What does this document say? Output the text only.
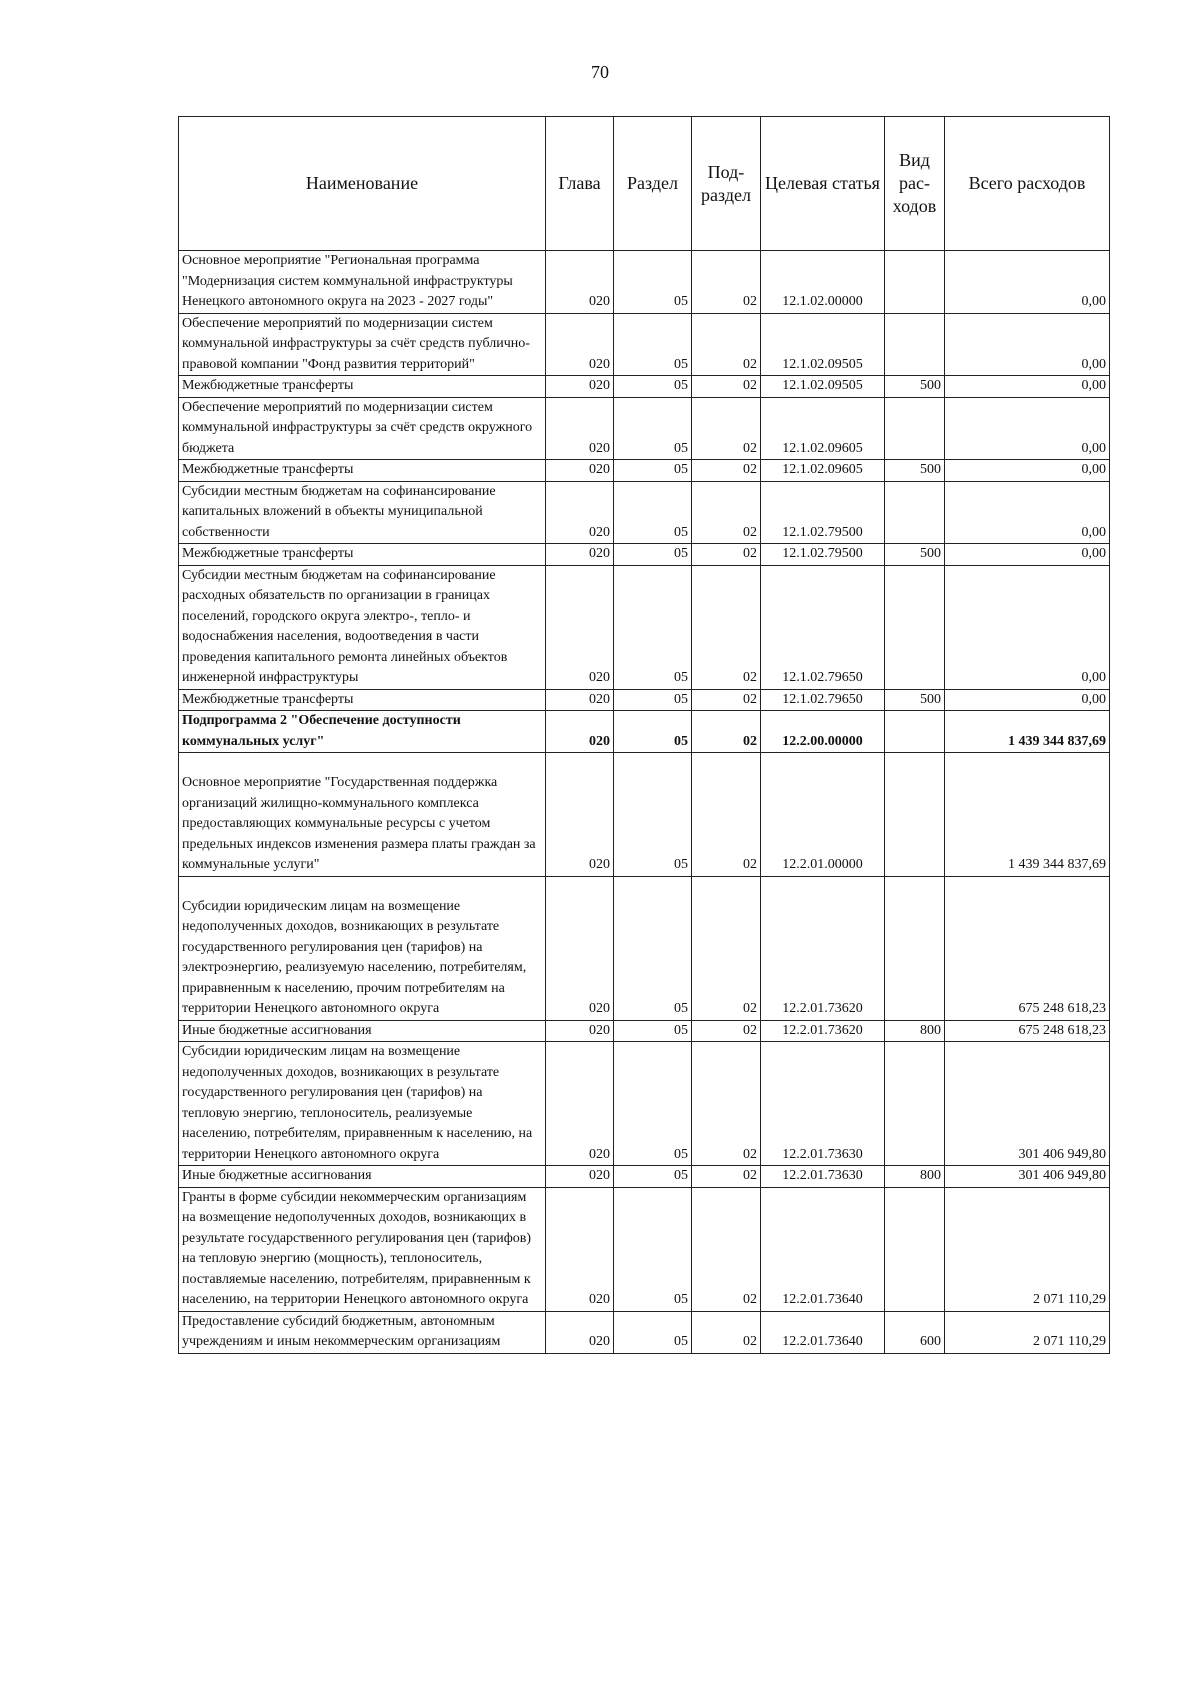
70
Наименование	Глава	Раздел	Под-раздел	Целевая статья	Вид рас-ходов	Всего расходов
Основное мероприятие "Региональная программа "Модернизация систем коммунальной инфраструктуры Ненецкого автономного округа на 2023 - 2027 годы"	020	05	02	12.1.02.00000		0,00
Обеспечение мероприятий по модернизации систем коммунальной инфраструктуры за счёт средств публично-правовой компании "Фонд развития территорий"	020	05	02	12.1.02.09505		0,00
Межбюджетные трансферты	020	05	02	12.1.02.09505	500	0,00
Обеспечение мероприятий по модернизации систем коммунальной инфраструктуры за счёт средств окружного бюджета	020	05	02	12.1.02.09605		0,00
Межбюджетные трансферты	020	05	02	12.1.02.09605	500	0,00
Субсидии местным бюджетам на софинансирование капитальных вложений в объекты муниципальной собственности	020	05	02	12.1.02.79500		0,00
Межбюджетные трансферты	020	05	02	12.1.02.79500	500	0,00
Субсидии местным бюджетам на софинансирование расходных обязательств по организации в границах поселений, городского округа электро-, тепло- и водоснабжения населения, водоотведения в части проведения капитального ремонта линейных объектов инженерной инфраструктуры	020	05	02	12.1.02.79650		0,00
Межбюджетные трансферты	020	05	02	12.1.02.79650	500	0,00
Подпрограмма 2 "Обеспечение доступности коммунальных услуг"	020	05	02	12.2.00.00000		1 439 344 837,69
Основное мероприятие "Государственная поддержка организаций жилищно-коммунального комплекса предоставляющих коммунальные ресурсы с учетом предельных индексов изменения размера платы граждан за коммунальные услуги"	020	05	02	12.2.01.00000		1 439 344 837,69
Субсидии юридическим лицам на возмещение недополученных доходов, возникающих в результате государственного регулирования цен (тарифов) на электроэнергию, реализуемую населению, потребителям, приравненным к населению, прочим потребителям на территории Ненецкого автономного округа	020	05	02	12.2.01.73620		675 248 618,23
Иные бюджетные ассигнования	020	05	02	12.2.01.73620	800	675 248 618,23
Субсидии юридическим лицам на возмещение недополученных доходов, возникающих в результате государственного регулирования цен (тарифов) на тепловую энергию, теплоноситель, реализуемые населению, потребителям, приравненным к населению, на территории Ненецкого автономного округа	020	05	02	12.2.01.73630		301 406 949,80
Иные бюджетные ассигнования	020	05	02	12.2.01.73630	800	301 406 949,80
Гранты в форме субсидии некоммерческим организациям на возмещение недополученных доходов, возникающих в результате государственного регулирования цен (тарифов) на тепловую энергию (мощность), теплоноситель, поставляемые населению, потребителям, приравненным к населению, на территории Ненецкого автономного округа	020	05	02	12.2.01.73640		2 071 110,29
Предоставление субсидий бюджетным, автономным учреждениям и иным некоммерческим организациям	020	05	02	12.2.01.73640	600	2 071 110,29
